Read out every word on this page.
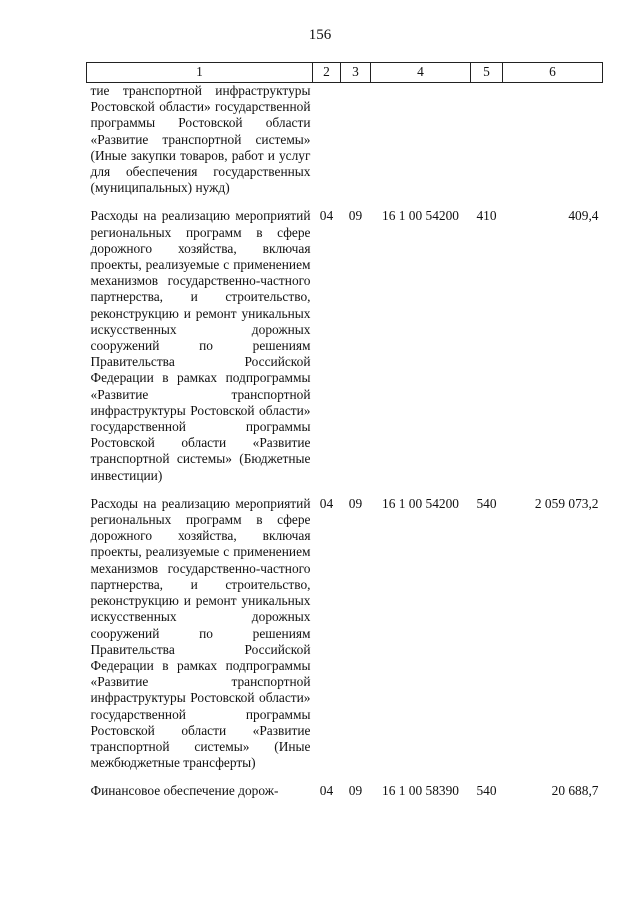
156
1	2	3	4	5	6
тие транспортной инфраструктуры Ростовской области» государственной программы Ростовской области «Развитие транспортной системы» (Иные закупки товаров, работ и услуг для обеспечения государственных (муниципальных) нужд)					
Расходы на реализацию мероприятий региональных программ в сфере дорожного хозяйства, включая проекты, реализуемые с применением механизмов государственно-частного партнерства, и строительство, реконструкцию и ремонт уникальных искусственных дорожных сооружений по решениям Правительства Российской Федерации в рамках подпрограммы «Развитие транспортной инфраструктуры Ростовской области» государственной программы Ростовской области «Развитие транспортной системы» (Бюджетные инвестиции)	04	09	16 1 00 54200	410	409,4
Расходы на реализацию мероприятий региональных программ в сфере дорожного хозяйства, включая проекты, реализуемые с применением механизмов государственно-частного партнерства, и строительство, реконструкцию и ремонт уникальных искусственных дорожных сооружений по решениям Правительства Российской Федерации в рамках подпрограммы «Развитие транспортной инфраструктуры Ростовской области» государственной программы Ростовской области «Развитие транспортной системы» (Иные межбюджетные трансферты)	04	09	16 1 00 54200	540	2 059 073,2
Финансовое обеспечение дорож-	04	09	16 1 00 58390	540	20 688,7
